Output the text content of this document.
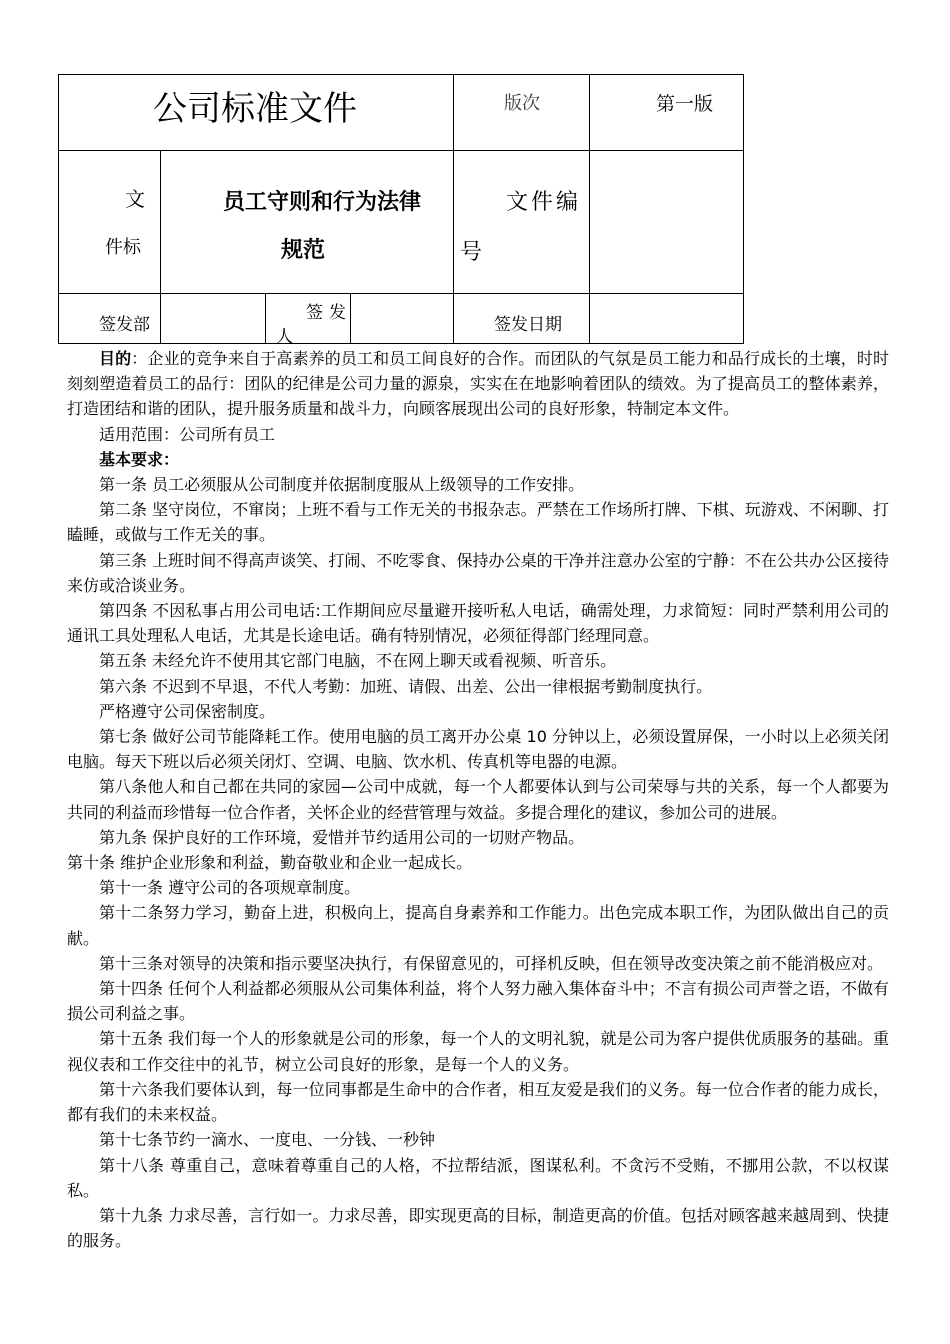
公司标准文件	版次	第一版
文
件标
员工守则和行为法律
规范
文件编
号
签发部
签发
人
签发日期

目的：企业的竞争来自于高素养的员工和员工间良好的合作。而团队的气氛是员工能力和品行成长的土壤，时时刻刻塑造着员工的品行：团队的纪律是公司力量的源泉，实实在在地影响着团队的绩效。为了提高员工的整体素养，打造团结和谐的团队，提升服务质量和战斗力，向顾客展现出公司的良好形象，特制定本文件。

适用范围：公司所有员工

基本要求：

第一条 员工必须服从公司制度并依据制度服从上级领导的工作安排。

第二条 坚守岗位，不窜岗；上班不看与工作无关的书报杂志。严禁在工作场所打牌、下棋、玩游戏、不闲聊、打瞌睡，或做与工作无关的事。

第三条 上班时间不得高声谈笑、打闹、不吃零食、保持办公桌的干净并注意办公室的宁静：不在公共办公区接待来仿或洽谈业务。

第四条 不因私事占用公司电话:工作期间应尽量避开接听私人电话，确需处理，力求简短：同时严禁利用公司的通讯工具处理私人电话，尤其是长途电话。确有特别情况，必须征得部门经理同意。

第五条 未经允许不使用其它部门电脑，不在网上聊天或看视频、听音乐。

第六条 不迟到不早退，不代人考勤：加班、请假、出差、公出一律根据考勤制度执行。

严格遵守公司保密制度。

第七条 做好公司节能降耗工作。使用电脑的员工离开办公桌 10 分钟以上，必须设置屏保，一小时以上必须关闭电脑。每天下班以后必须关闭灯、空调、电脑、饮水机、传真机等电器的电源。

第八条他人和自己都在共同的家园—公司中成就，每一个人都要体认到与公司荣辱与共的关系，每一个人都要为共同的利益而珍惜每一位合作者，关怀企业的经营管理与效益。多提合理化的建议，参加公司的进展。

第九条 保护良好的工作环境，爱惜并节约适用公司的一切财产物品。

第十条 维护企业形象和利益，勤奋敬业和企业一起成长。

第十一条 遵守公司的各项规章制度。

第十二条努力学习，勤奋上进，积极向上，提高自身素养和工作能力。出色完成本职工作，为团队做出自己的贡献。

第十三条对领导的决策和指示要坚决执行，有保留意见的，可择机反映，但在领导改变决策之前不能消极应对。

第十四条 任何个人利益都必须服从公司集体利益，将个人努力融入集体奋斗中；不言有损公司声誉之语，不做有损公司利益之事。

第十五条 我们每一个人的形象就是公司的形象，每一个人的文明礼貌，就是公司为客户提供优质服务的基础。重视仪表和工作交往中的礼节，树立公司良好的形象，是每一个人的义务。

第十六条我们要体认到，每一位同事都是生命中的合作者，相互友爱是我们的义务。每一位合作者的能力成长，都有我们的未来权益。

第十七条节约一滴水、一度电、一分钱、一秒钟

第十八条 尊重自己，意味着尊重自己的人格，不拉帮结派，图谋私利。不贪污不受贿，不挪用公款，不以权谋私。

第十九条 力求尽善，言行如一。力求尽善，即实现更高的目标，制造更高的价值。包括对顾客越来越周到、快捷的服务。
